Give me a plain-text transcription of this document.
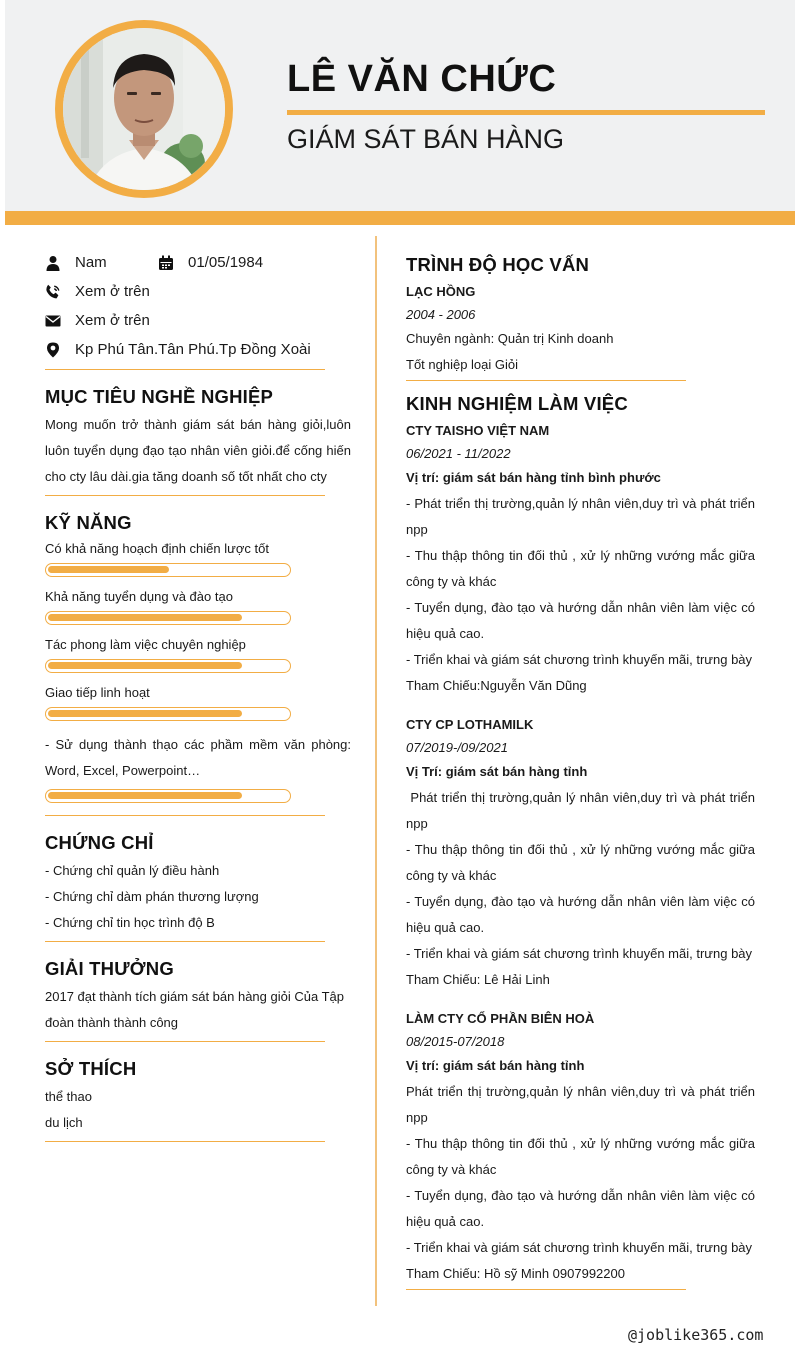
LÊ VĂN CHỨC
GIÁM SÁT BÁN HÀNG
Nam	01/05/1984
Xem ở trên
Xem ở trên
Kp Phú Tân.Tân Phú.Tp Đồng Xoài
MỤC TIÊU NGHỀ NGHIỆP
Mong muốn trở thành giám sát bán hàng giỏi,luôn luôn tuyển dụng đạo tạo nhân viên giỏi.để cống hiến cho cty lâu dài.gia tăng doanh số tốt nhất cho cty
KỸ NĂNG
Có khả năng hoạch định chiến lược tốt
Khả năng tuyển dụng và đào tạo
Tác phong làm việc chuyên nghiệp
Giao tiếp linh hoạt
- Sử dụng thành thạo các phầm mềm văn phòng: Word, Excel, Powerpoint…
CHỨNG CHỈ
- Chứng chỉ quản lý điều hành
- Chứng chỉ dàm phán thương lượng
- Chứng chỉ tin học trình độ B
GIẢI THƯỞNG
2017 đạt thành tích giám sát bán hàng giỏi Của Tập đoàn thành thành công
SỞ THÍCH
thể thao
du lịch
TRÌNH ĐỘ HỌC VẤN
LẠC HỒNG
2004 - 2006
Chuyên ngành: Quản trị Kinh doanh
Tốt nghiệp loại Giỏi
KINH NGHIỆM LÀM VIỆC
CTY TAISHO VIỆT NAM
06/2021 - 11/2022
Vị trí: giám sát bán hàng tỉnh bình phước
- Phát triển thị trường,quản lý nhân viên,duy trì và phát triển npp
- Thu thập thông tin đối thủ , xử lý những vướng mắc giữa công ty và khác
- Tuyển dụng, đào tạo và hướng dẫn nhân viên làm việc có hiệu quả cao.
- Triển khai và giám sát chương trình khuyến mãi, trưng bày
Tham Chiếu:Nguyễn Văn Dũng
CTY CP LOTHAMILK
07/2019-/09/2021
Vị Trí: giám sát bán hàng tỉnh
Phát triển thị trường,quản lý nhân viên,duy trì và phát triển npp
- Thu thập thông tin đối thủ , xử lý những vướng mắc giữa công ty và khác
- Tuyển dụng, đào tạo và hướng dẫn nhân viên làm việc có hiệu quả cao.
- Triển khai và giám sát chương trình khuyến mãi, trưng bày
Tham Chiếu: Lê Hải Linh
LÀM CTY CỔ PHẦN BIÊN HOÀ
08/2015-07/2018
Vị trí: giám sát bán hàng tỉnh
Phát triển thị trường,quản lý nhân viên,duy trì và phát triển npp
- Thu thập thông tin đối thủ , xử lý những vướng mắc giữa công ty và khác
- Tuyển dụng, đào tạo và hướng dẫn nhân viên làm việc có hiệu quả cao.
- Triển khai và giám sát chương trình khuyến mãi, trưng bày
Tham Chiếu: Hồ sỹ Minh 0907992200
@joblike365.com
